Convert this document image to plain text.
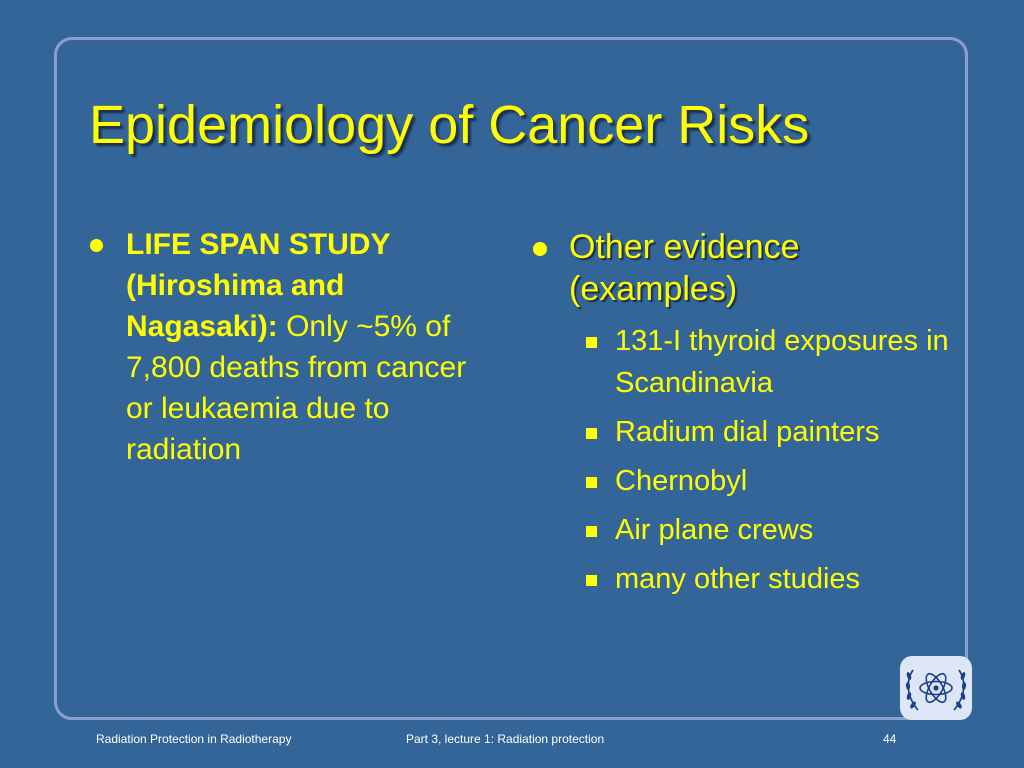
Epidemiology of Cancer Risks
LIFE SPAN STUDY (Hiroshima and Nagasaki): Only ~5% of 7,800 deaths from cancer or leukaemia due to radiation
Other evidence (examples)
131-I thyroid exposures in Scandinavia
Radium dial painters
Chernobyl
Air plane crews
many other studies
Radiation Protection in Radiotherapy	Part 3, lecture 1: Radiation protection	44
